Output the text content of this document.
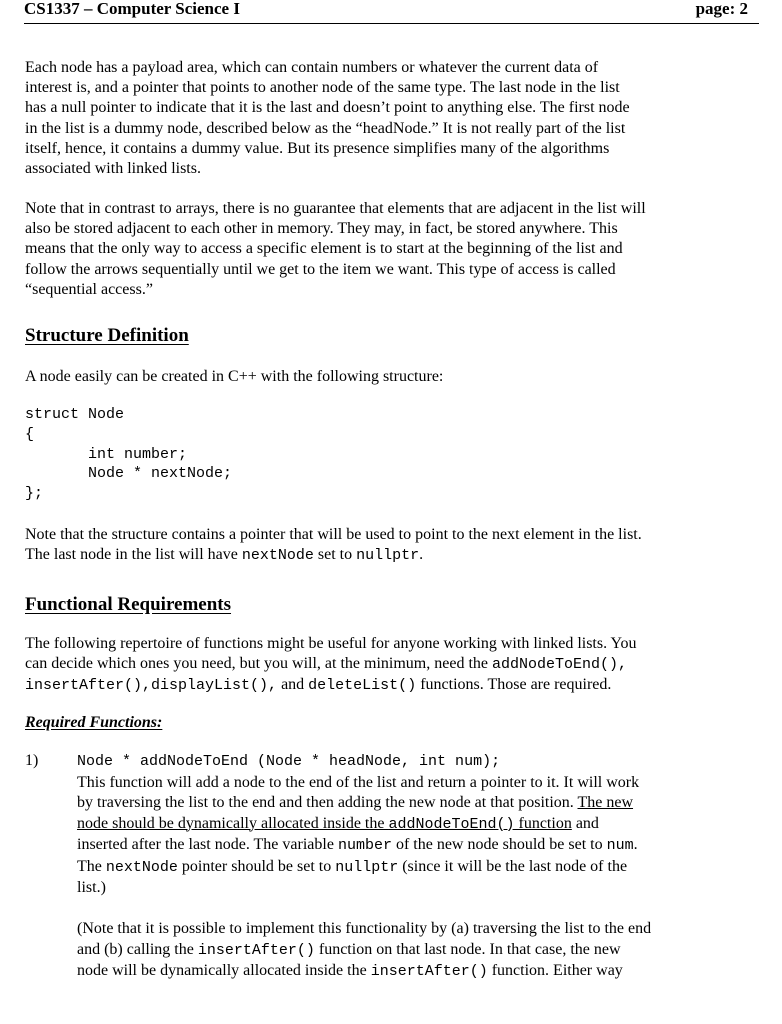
CS1337 – Computer Science I	page: 2
Each node has a payload area, which can contain numbers or whatever the current data of
interest is, and a pointer that points to another node of the same type. The last node in the list
has a null pointer to indicate that it is the last and doesn’t point to anything else. The first node
in the list is a dummy node, described below as the “headNode.” It is not really part of the list
itself, hence, it contains a dummy value. But its presence simplifies many of the algorithms
associated with linked lists.
Note that in contrast to arrays, there is no guarantee that elements that are adjacent in the list will
also be stored adjacent to each other in memory. They may, in fact, be stored anywhere. This
means that the only way to access a specific element is to start at the beginning of the list and
follow the arrows sequentially until we get to the item we want. This type of access is called
“sequential access.”
Structure Definition
A node easily can be created in C++ with the following structure:
struct Node
{
int number;
Node * nextNode;
};
Note that the structure contains a pointer that will be used to point to the next element in the list.
The last node in the list will have nextNode set to nullptr.
Functional Requirements
The following repertoire of functions might be useful for anyone working with linked lists. You
can decide which ones you need, but you will, at the minimum, need the addNodeToEnd(),
insertAfter(),displayList(), and deleteList() functions. Those are required.
Required Functions:
1)	Node * addNodeToEnd (Node * headNode, int num);
This function will add a node to the end of the list and return a pointer to it. It will work
by traversing the list to the end and then adding the new node at that position. The new
node should be dynamically allocated inside the addNodeToEnd() function and
inserted after the last node. The variable number of the new node should be set to num.
The nextNode pointer should be set to nullptr (since it will be the last node of the
list.)
(Note that it is possible to implement this functionality by (a) traversing the list to the end
and (b) calling the insertAfter() function on that last node. In that case, the new
node will be dynamically allocated inside the insertAfter() function. Either way
